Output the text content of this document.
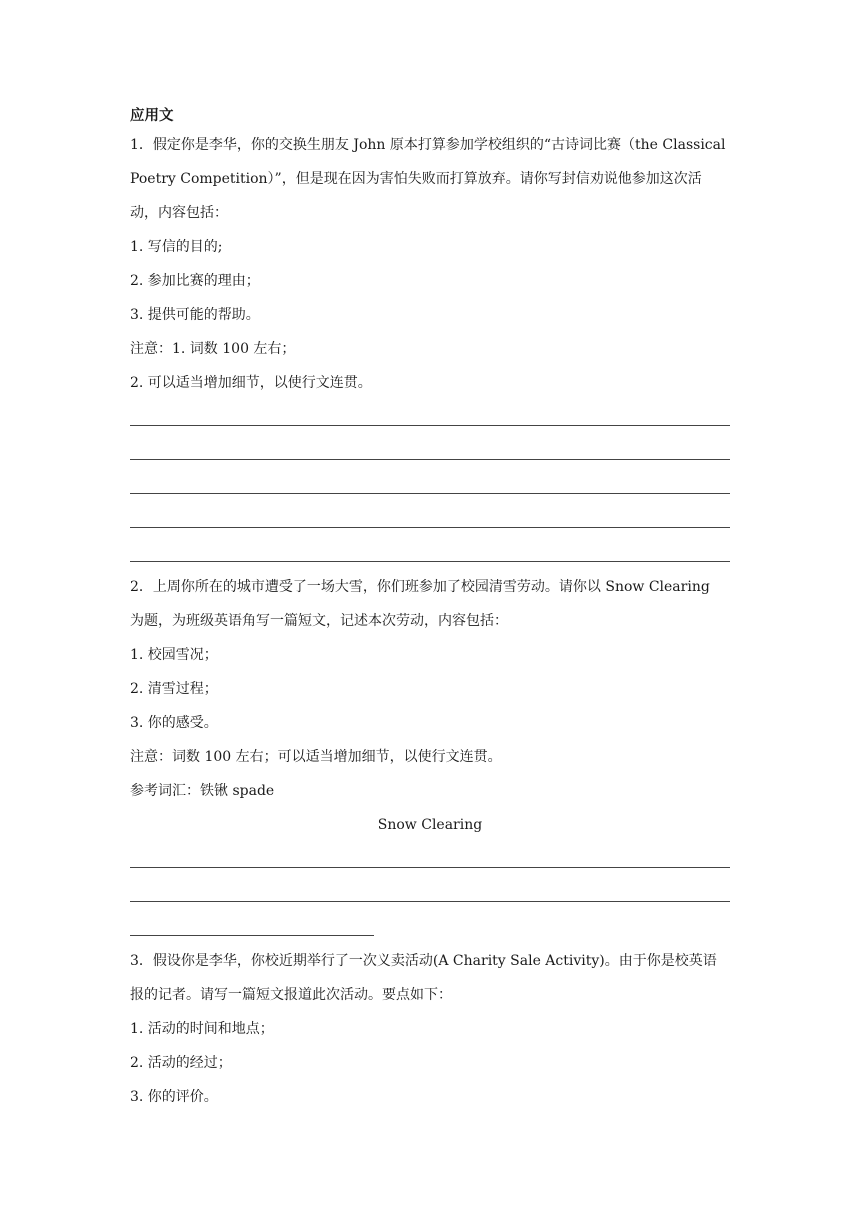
应用文
1．假定你是李华，你的交换生朋友 John 原本打算参加学校组织的“古诗词比赛（the Classical
Poetry Competition）”，但是现在因为害怕失败而打算放弃。请你写封信劝说他参加这次活
动，内容包括：
1. 写信的目的;
2. 参加比赛的理由；
3. 提供可能的帮助。
注意：1. 词数 100 左右；
2. 可以适当增加细节，以使行文连贯。
2．上周你所在的城市遭受了一场大雪，你们班参加了校园清雪劳动。请你以 Snow Clearing
为题，为班级英语角写一篇短文，记述本次劳动，内容包括：
1. 校园雪况；
2. 清雪过程；
3. 你的感受。
注意：词数 100 左右；可以适当增加细节，以使行文连贯。
参考词汇：铁锹 spade
Snow Clearing
3．假设你是李华，你校近期举行了一次义卖活动(A Charity Sale Activity)。由于你是校英语
报的记者。请写一篇短文报道此次活动。要点如下：
1. 活动的时间和地点；
2. 活动的经过；
3. 你的评价。
